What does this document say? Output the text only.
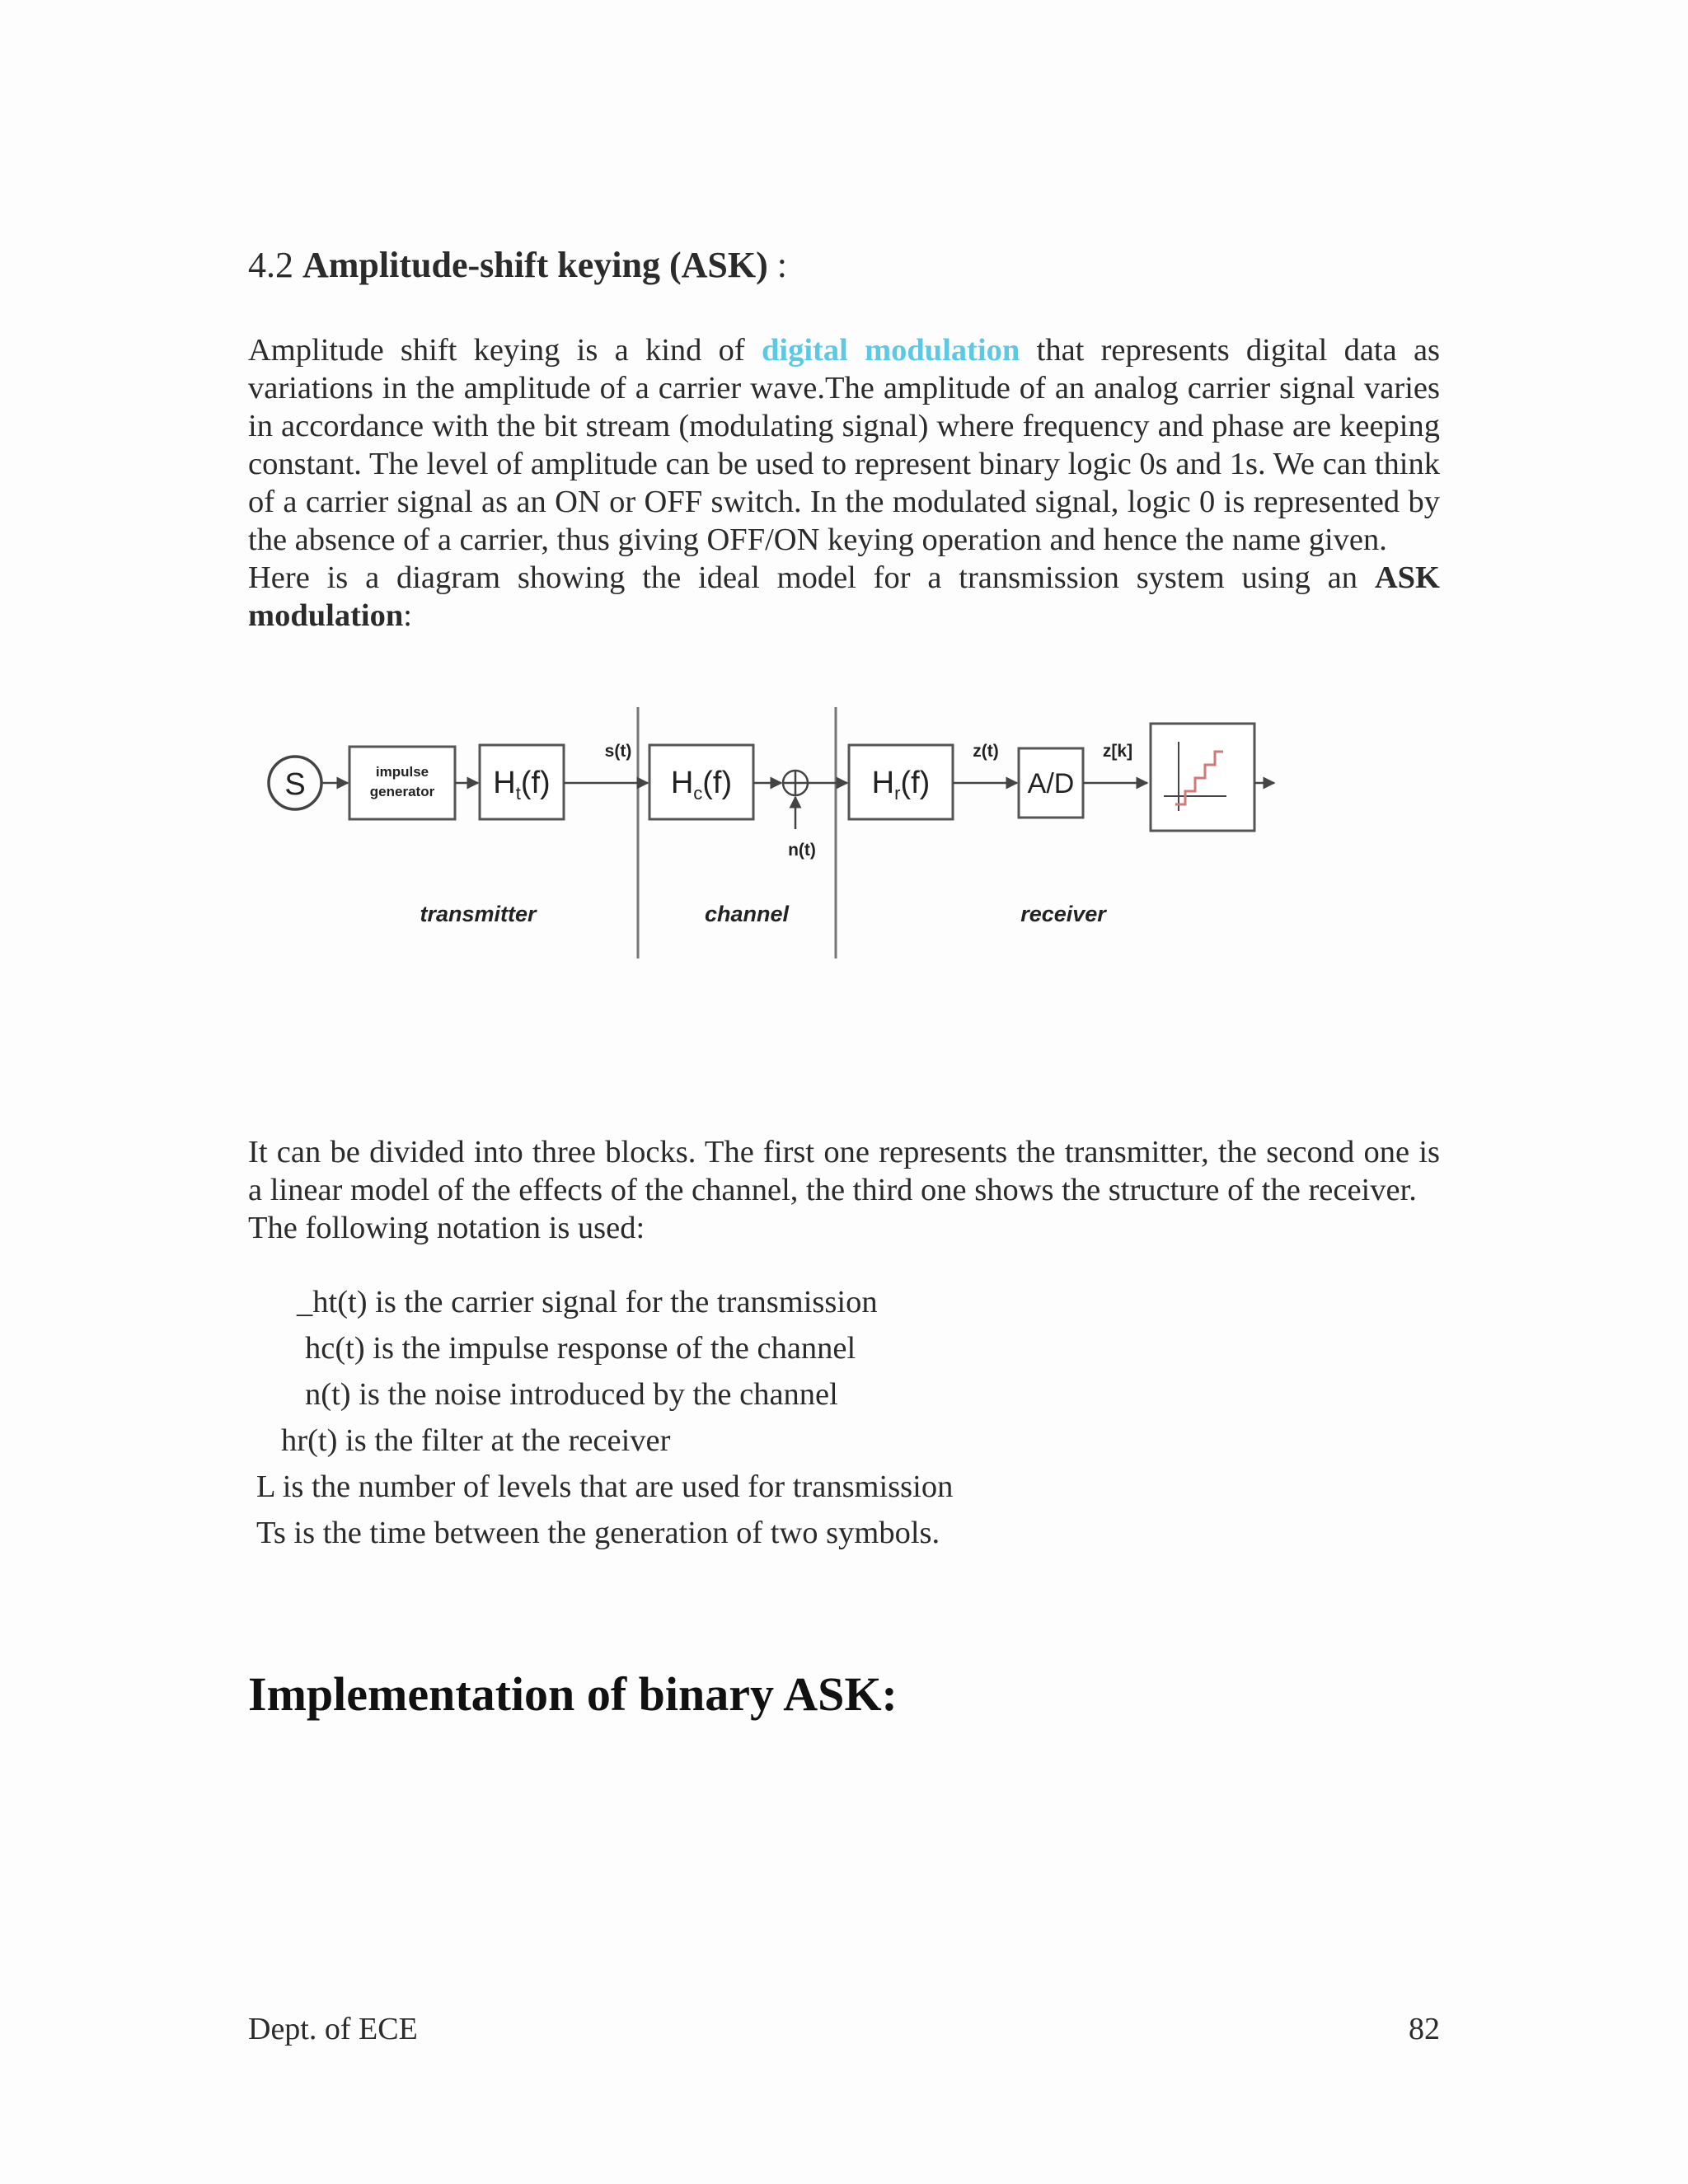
4.2 Amplitude-shift keying (ASK) :

Amplitude shift keying is a kind of digital modulation that represents digital data as variations in the amplitude of a carrier wave.The amplitude of an analog carrier signal varies in accordance with the bit stream (modulating signal) where frequency and phase are keeping constant. The level of amplitude can be used to represent binary logic 0s and 1s. We can think of a carrier signal as an ON or OFF switch. In the modulated signal, logic 0 is represented by the absence of a carrier, thus giving OFF/ON keying operation and hence the name given.
Here is a diagram showing the ideal model for a transmission system using an ASK modulation:

S	impulse
generator $H_t(f)$
s(t)
$H_c(f)$
n(t)
$H_r(f)$
z(t)
A/D
z[k]
transmitter	channel	receiver

It can be divided into three blocks. The first one represents the transmitter, the second one is a linear model of the effects of the channel, the third one shows the structure of the receiver.
The following notation is used:

_ht(t) is the carrier signal for the transmission

hc(t) is the impulse response of the channel

n(t) is the noise introduced by the channel

hr(t) is the filter at the receiver

L is the number of levels that are used for transmission

Ts is the time between the generation of two symbols.

Implementation of binary ASK:
Dept. of ECE	82
